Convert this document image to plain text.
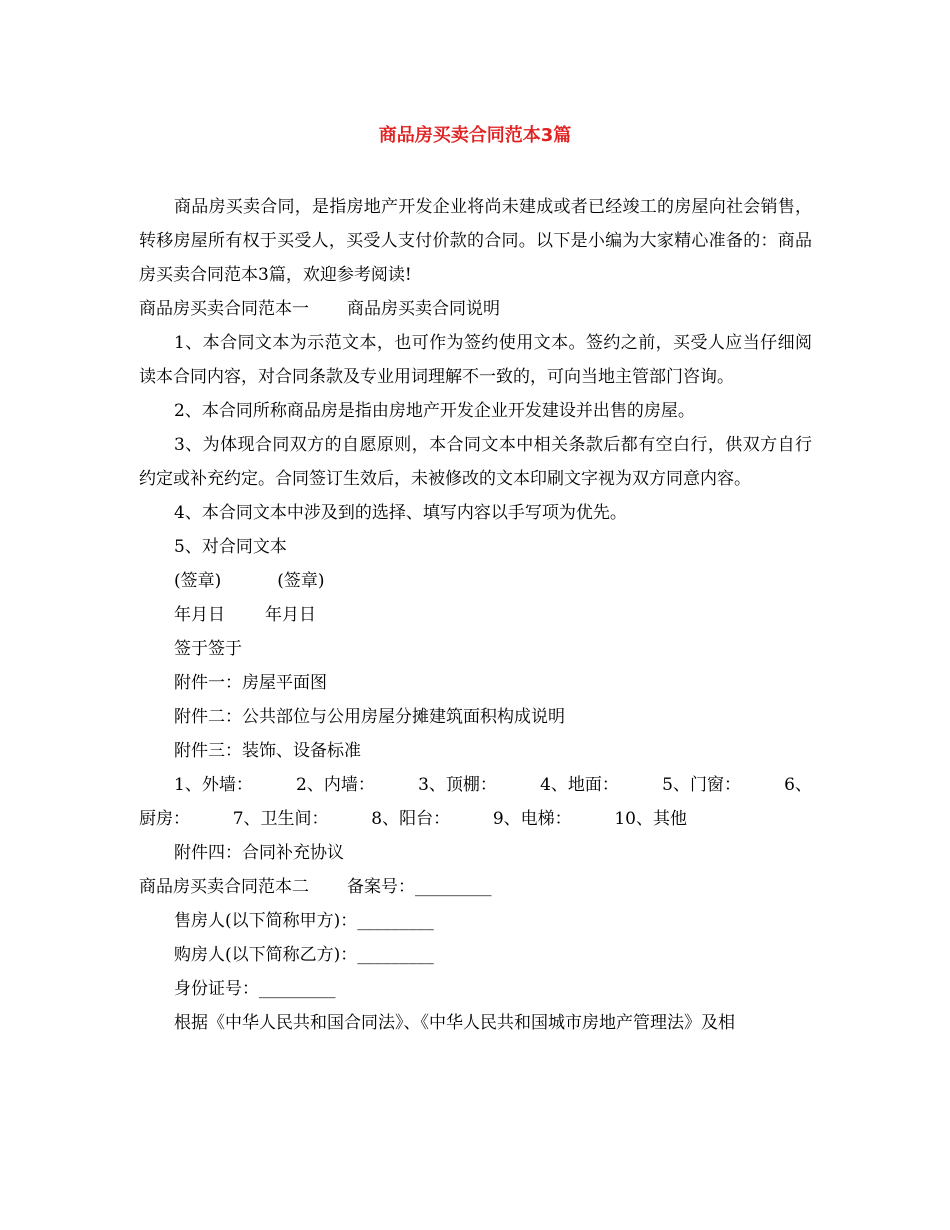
商品房买卖合同范本3篇

商品房买卖合同，是指房地产开发企业将尚未建成或者已经竣工的房屋向社会销售，转移房屋所有权于买受人，买受人支付价款的合同。以下是小编为大家精心准备的：商品房买卖合同范本3篇，欢迎参考阅读!

商品房买卖合同范本一 商品房买卖合同说明

1、本合同文本为示范文本，也可作为签约使用文本。签约之前，买受人应当仔细阅读本合同内容，对合同条款及专业用词理解不一致的，可向当地主管部门咨询。

2、本合同所称商品房是指由房地产开发企业开发建设并出售的房屋。

3、为体现合同双方的自愿原则，本合同文本中相关条款后都有空白行，供双方自行约定或补充约定。合同签订生效后，未被修改的文本印刷文字视为双方同意内容。

4、本合同文本中涉及到的选择、填写内容以手写项为优先。

5、对合同文本

(签章)	(签章)

年月日 年月日

签于签于

附件一：房屋平面图

附件二：公共部位与公用房屋分摊建筑面积构成说明

附件三：装饰、设备标准

1、外墙：	2、内墙：	3、顶棚：	4、地面：	5、门窗：	6、

厨房：	7、卫生间：	8、阳台：	9、电梯：	10、其他

附件四：合同补充协议

商品房买卖合同范本二 备案号：_________

售房人(以下简称甲方)：_________

购房人(以下简称乙方)：_________

身份证号：_________

根据《中华人民共和国合同法》、《中华人民共和国城市房地产管理法》及相
